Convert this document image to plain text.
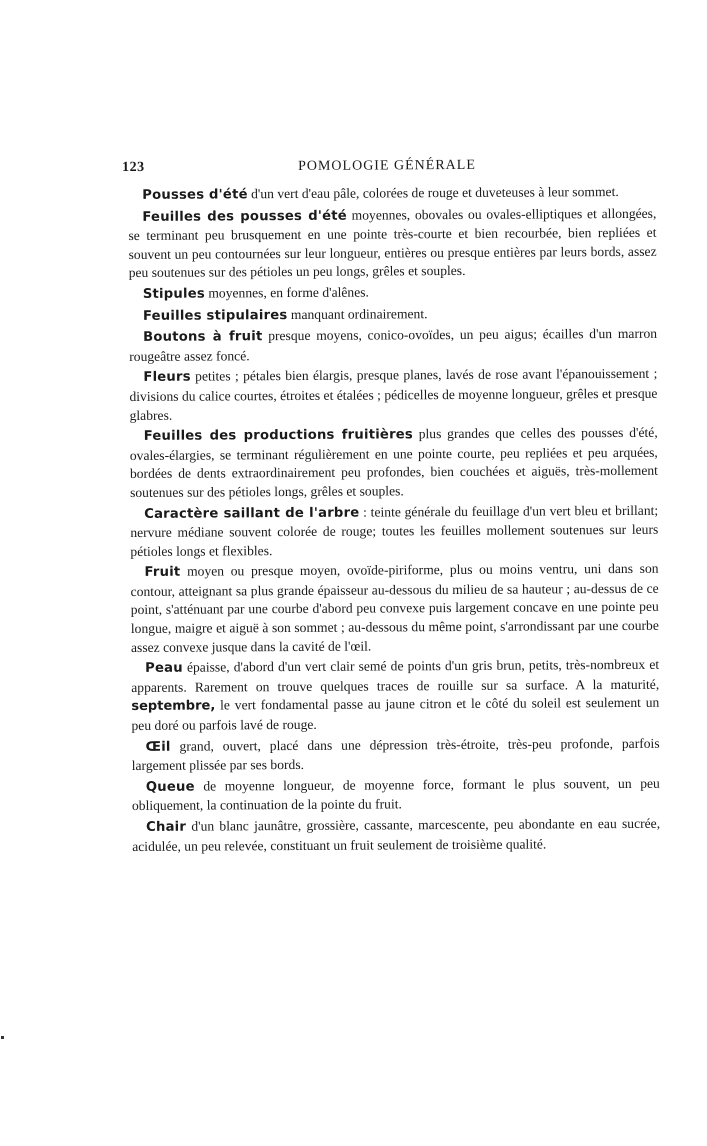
123	POMOLOGIE GÉNÉRALE

Pousses d'été d'un vert d'eau pâle, colorées de rouge et duveteuses à leur sommet.

Feuilles des pousses d'été moyennes, obovales ou ovales-elliptiques et allongées, se terminant peu brusquement en une pointe très-courte et bien recourbée, bien repliées et souvent un peu contournées sur leur longueur, entières ou presque entières par leurs bords, assez peu soutenues sur des pétioles un peu longs, grêles et souples.

Stipules moyennes, en forme d'alênes.

Feuilles stipulaires manquant ordinairement.

Boutons à fruit presque moyens, conico-ovoïdes, un peu aigus; écailles d'un marron rougeâtre assez foncé.

Fleurs petites ; pétales bien élargis, presque planes, lavés de rose avant l'épanouissement ; divisions du calice courtes, étroites et étalées ; pédicelles de moyenne longueur, grêles et presque glabres.

Feuilles des productions fruitières plus grandes que celles des pousses d'été, ovales-élargies, se terminant régulièrement en une pointe courte, peu repliées et peu arquées, bordées de dents extraordinairement peu profondes, bien couchées et aiguës, très-mollement soutenues sur des pétioles longs, grêles et souples.

Caractère saillant de l'arbre : teinte générale du feuillage d'un vert bleu et brillant; nervure médiane souvent colorée de rouge; toutes les feuilles mollement soutenues sur leurs pétioles longs et flexibles.

Fruit moyen ou presque moyen, ovoïde-piriforme, plus ou moins ventru, uni dans son contour, atteignant sa plus grande épaisseur au-dessous du milieu de sa hauteur ; au-dessus de ce point, s'atténuant par une courbe d'abord peu convexe puis largement concave en une pointe peu longue, maigre et aiguë à son sommet ; au-dessous du même point, s'arrondissant par une courbe assez convexe jusque dans la cavité de l'œil.

Peau épaisse, d'abord d'un vert clair semé de points d'un gris brun, petits, très-nombreux et apparents. Rarement on trouve quelques traces de rouille sur sa surface. A la maturité, septembre, le vert fondamental passe au jaune citron et le côté du soleil est seulement un peu doré ou parfois lavé de rouge.

Œil grand, ouvert, placé dans une dépression très-étroite, très-peu profonde, parfois largement plissée par ses bords.

Queue de moyenne longueur, de moyenne force, formant le plus souvent, un peu obliquement, la continuation de la pointe du fruit.

Chair d'un blanc jaunâtre, grossière, cassante, marcescente, peu abondante en eau sucrée, acidulée, un peu relevée, constituant un fruit seulement de troisième qualité.
